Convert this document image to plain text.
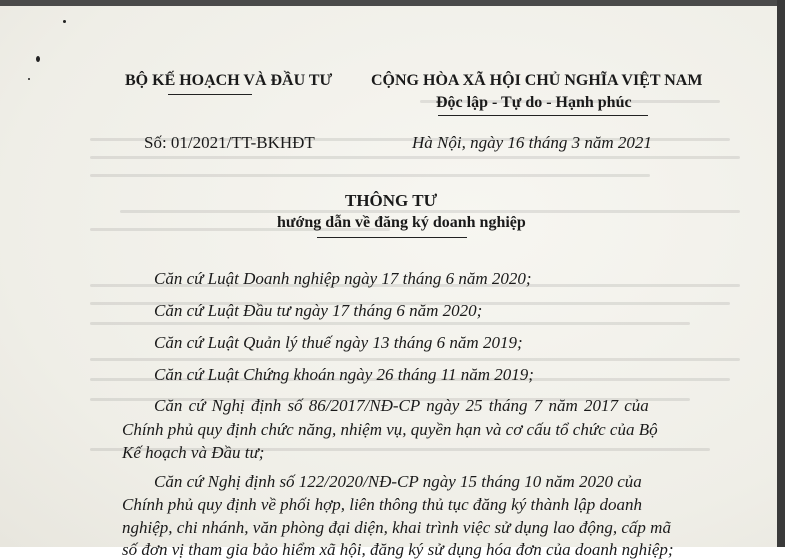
BỘ KẾ HOẠCH VÀ ĐẦU TƯ CỘNG HÒA XÃ HỘI CHỦ NGHĨA VIỆT NAM
Độc lập - Tự do - Hạnh phúc
Số: 01/2021/TT-BKHĐT	Hà Nội, ngày 16 tháng 3 năm 2021
THÔNG TƯ
hướng dẫn về đăng ký doanh nghiệp
Căn cứ Luật Doanh nghiệp ngày 17 tháng 6 năm 2020;
Căn cứ Luật Đầu tư ngày 17 tháng 6 năm 2020;
Căn cứ Luật Quản lý thuế ngày 13 tháng 6 năm 2019;
Căn cứ Luật Chứng khoán ngày 26 tháng 11 năm 2019;
Căn cứ Nghị định số 86/2017/NĐ-CP ngày 25 tháng 7 năm 2017 của
Chính phủ quy định chức năng, nhiệm vụ, quyền hạn và cơ cấu tổ chức của Bộ
Kế hoạch và Đầu tư;
Căn cứ Nghị định số 122/2020/NĐ-CP ngày 15 tháng 10 năm 2020 của
Chính phủ quy định về phối hợp, liên thông thủ tục đăng ký thành lập doanh
nghiệp, chi nhánh, văn phòng đại diện, khai trình việc sử dụng lao động, cấp mã
số đơn vị tham gia bảo hiểm xã hội, đăng ký sử dụng hóa đơn của doanh nghiệp;
